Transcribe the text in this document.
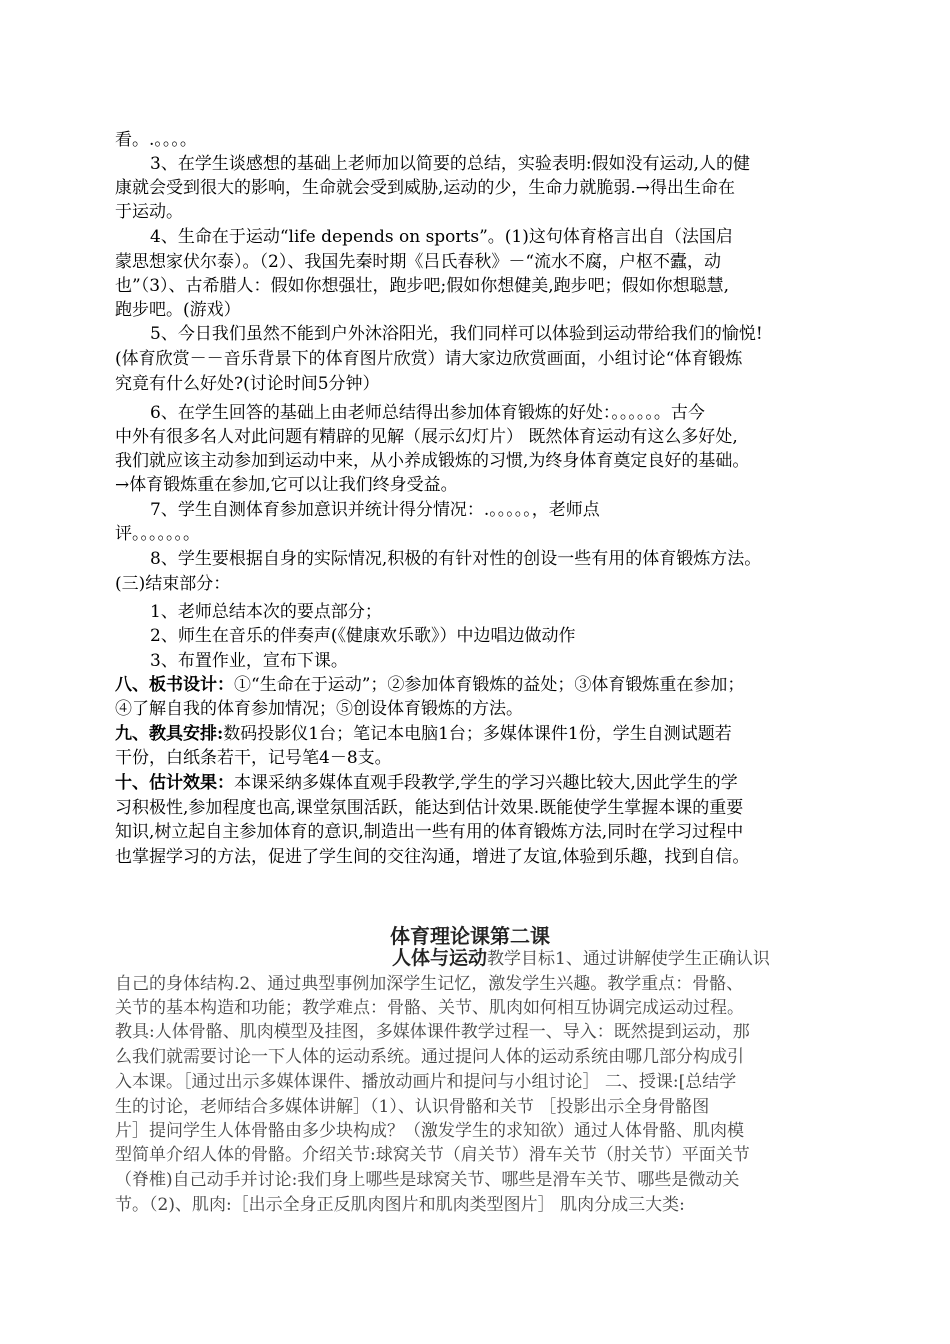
看。.。。。。
3、在学生谈感想的基础上老师加以简要的总结，实验表明:假如没有运动,人的健
康就会受到很大的影响，生命就会受到威胁,运动的少，生命力就脆弱.→得出生命在
于运动。
4、生命在于运动“life depends on sports”。(1)这句体育格言出自（法国启
蒙思想家伏尔泰）。（2）、我国先秦时期《吕氏春秋》－“流水不腐，户枢不蠹，动
也”（3）、古希腊人：假如你想强壮，跑步吧;假如你想健美,跑步吧；假如你想聪慧,
跑步吧。(游戏）
5、今日我们虽然不能到户外沐浴阳光，我们同样可以体验到运动带给我们的愉悦!
(体育欣赏－－音乐背景下的体育图片欣赏）请大家边欣赏画面，小组讨论“体育锻炼
究竟有什么好处?(讨论时间5分钟）
6、在学生回答的基础上由老师总结得出参加体育锻炼的好处：。。。。。。古今
中外有很多名人对此问题有精辟的见解（展示幻灯片） 既然体育运动有这么多好处,
我们就应该主动参加到运动中来，从小养成锻炼的习惯,为终身体育奠定良好的基础。
→体育锻炼重在参加,它可以让我们终身受益。
7、学生自测体育参加意识并统计得分情况：.。。。。。，老师点
评。。。。。。。
8、学生要根据自身的实际情况,积极的有针对性的创设一些有用的体育锻炼方法。
(三)结束部分：
1、老师总结本次的要点部分；
2、师生在音乐的伴奏声(《健康欢乐歌》）中边唱边做动作
3、布置作业，宣布下课。
八、板书设计：①“生命在于运动”；②参加体育锻炼的益处；③体育锻炼重在参加；
④了解自我的体育参加情况；⑤创设体育锻炼的方法。
九、教具安排:数码投影仪1台；笔记本电脑1台；多媒体课件1份，学生自测试题若
干份，白纸条若干，记号笔4－8支。
十、估计效果：本课采纳多媒体直观手段教学,学生的学习兴趣比较大,因此学生的学
习积极性,参加程度也高,课堂氛围活跃，能达到估计效果.既能使学生掌握本课的重要
知识,树立起自主参加体育的意识,制造出一些有用的体育锻炼方法,同时在学习过程中
也掌握学习的方法，促进了学生间的交往沟通，增进了友谊,体验到乐趣，找到自信。
体育理论课第二课
人体与运动教学目标1、通过讲解使学生正确认识
自己的身体结构.2、通过典型事例加深学生记忆，激发学生兴趣。教学重点：骨骼、
关节的基本构造和功能；教学难点：骨骼、关节、肌肉如何相互协调完成运动过程。
教具:人体骨骼、肌肉模型及挂图，多媒体课件教学过程一、导入：既然提到运动，那
么我们就需要讨论一下人体的运动系统。通过提问人体的运动系统由哪几部分构成引
入本课。［通过出示多媒体课件、播放动画片和提问与小组讨论］ 二、授课:[总结学
生的讨论，老师结合多媒体讲解］（1）、认识骨骼和关节 ［投影出示全身骨骼图
片］提问学生人体骨骼由多少块构成？（激发学生的求知欲）通过人体骨骼、肌肉模
型简单介绍人体的骨骼。介绍关节:球窝关节（肩关节）滑车关节（肘关节）平面关节
（脊椎)自己动手并讨论:我们身上哪些是球窝关节、哪些是滑车关节、哪些是微动关
节。（2)、肌肉:［出示全身正反肌肉图片和肌肉类型图片］ 肌肉分成三大类:
